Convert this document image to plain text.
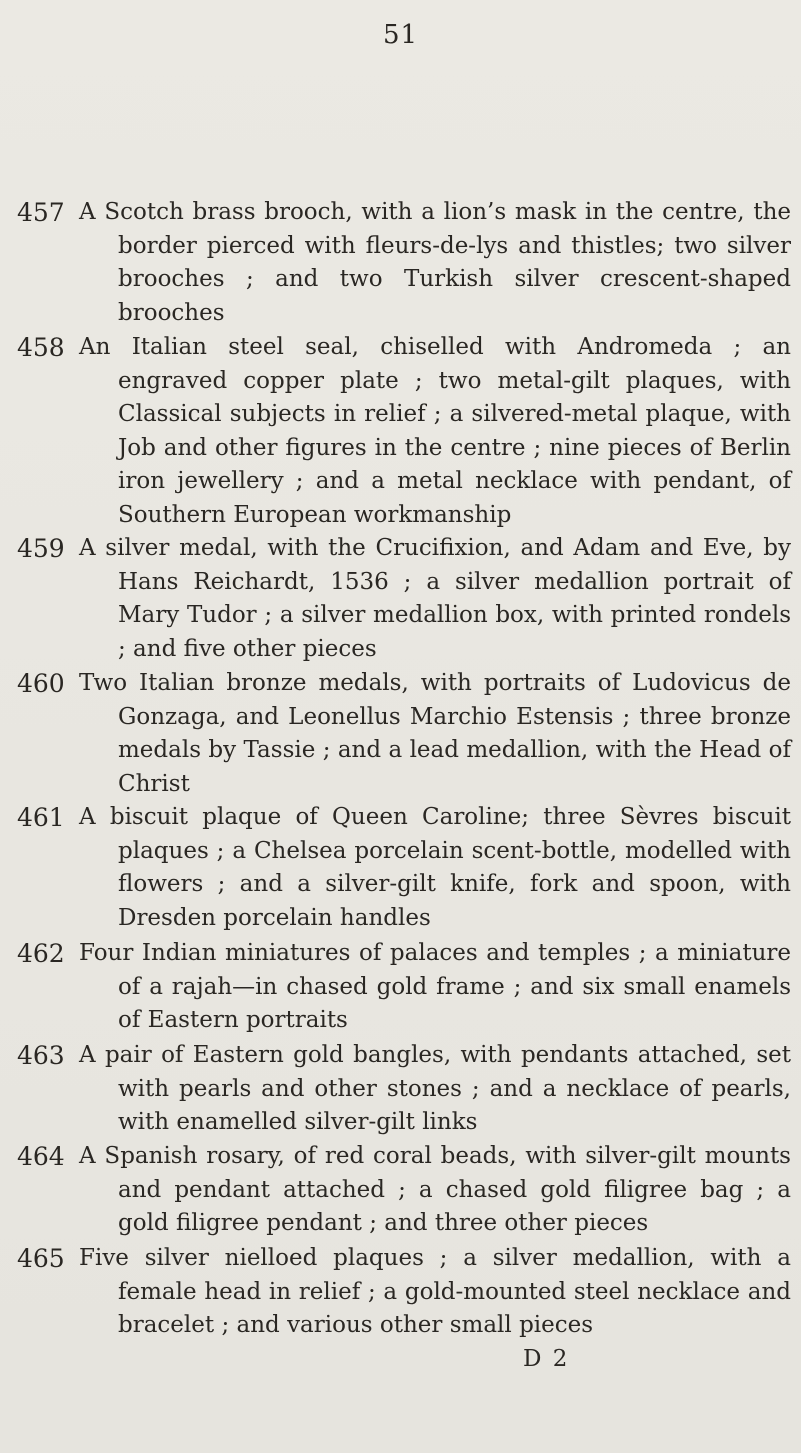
51
457 A Scotch brass brooch, with a lion’s mask in the centre, the border pierced with fleurs-de-lys and thistles; two silver brooches ; and two Turkish silver crescent-shaped brooches
458 An Italian steel seal, chiselled with Andromeda ; an engraved copper plate ; two metal-gilt plaques, with Classical subjects in relief ; a silvered-metal plaque, with Job and other figures in the centre ; nine pieces of Berlin iron jewellery ; and a metal necklace with pendant, of Southern European workmanship
459 A silver medal, with the Crucifixion, and Adam and Eve, by Hans Reichardt, 1536 ; a silver medallion portrait of Mary Tudor ; a silver medallion box, with printed rondels ; and five other pieces
460 Two Italian bronze medals, with portraits of Ludovicus de Gonzaga, and Leonellus Marchio Estensis ; three bronze medals by Tassie ; and a lead medallion, with the Head of Christ
461 A biscuit plaque of Queen Caroline; three Sèvres biscuit plaques ; a Chelsea porcelain scent-bottle, modelled with flowers ; and a silver-gilt knife, fork and spoon, with Dresden porcelain handles
462 Four Indian miniatures of palaces and temples ; a miniature of a rajah—in chased gold frame ; and six small enamels of Eastern portraits
463 A pair of Eastern gold bangles, with pendants attached, set with pearls and other stones ; and a necklace of pearls, with enamelled silver-gilt links
464 A Spanish rosary, of red coral beads, with silver-gilt mounts and pendant attached ; a chased gold filigree bag ; a gold filigree pendant ; and three other pieces
465 Five silver nielloed plaques ; a silver medallion, with a female head in relief ; a gold-mounted steel necklace and bracelet ; and various other small pieces
D 2
